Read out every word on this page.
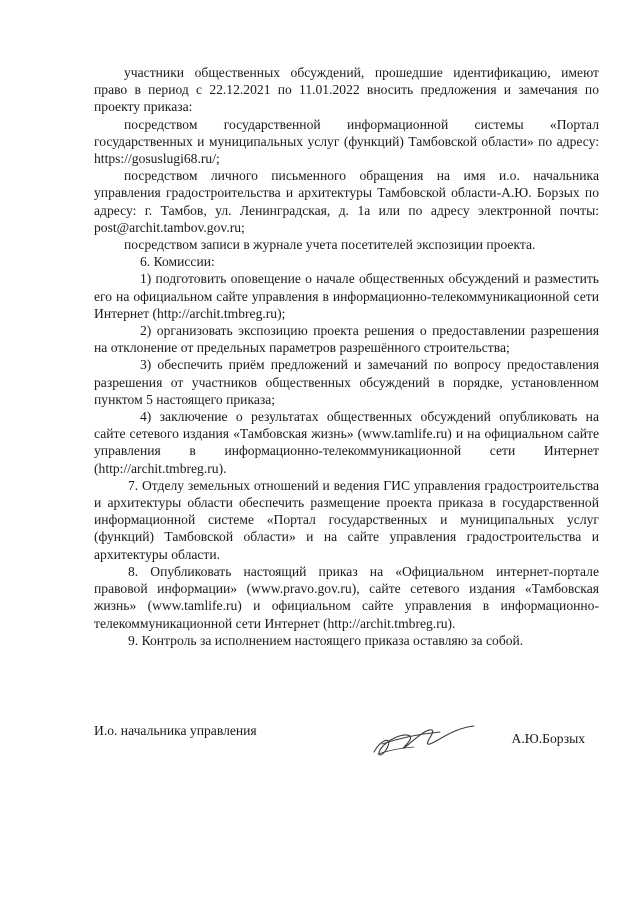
участники общественных обсуждений, прошедшие идентификацию, имеют право в период с 22.12.2021 по 11.01.2022 вносить предложения и замечания по проекту приказа:

посредством государственной информационной системы «Портал государственных и муниципальных услуг (функций) Тамбовской области» по адресу: https://gosuslugi68.ru/;

посредством личного письменного обращения на имя и.о. начальника управления градостроительства и архитектуры Тамбовской области-А.Ю. Борзых по адресу: г. Тамбов, ул. Ленинградская, д. 1а или по адресу электронной почты: post@archit.tambov.gov.ru;

посредством записи в журнале учета посетителей экспозиции проекта.

6. Комиссии:

1) подготовить оповещение о начале общественных обсуждений и разместить его на официальном сайте управления в информационно-телекоммуникационной сети Интернет (http://archit.tmbreg.ru);

2) организовать экспозицию проекта решения о предоставлении разрешения на отклонение от предельных параметров разрешённого строительства;

3) обеспечить приём предложений и замечаний по вопросу предоставления разрешения от участников общественных обсуждений в порядке, установленном пунктом 5 настоящего приказа;

4) заключение о результатах общественных обсуждений опубликовать на сайте сетевого издания «Тамбовская жизнь» (www.tamlife.ru) и на официальном сайте управления в информационно-телекоммуникационной сети Интернет (http://archit.tmbreg.ru).

7. Отделу земельных отношений и ведения ГИС управления градостроительства и архитектуры области обеспечить размещение проекта приказа в государственной информационной системе «Портал государственных и муниципальных услуг (функций) Тамбовской области» и на сайте управления градостроительства и архитектуры области.

8. Опубликовать настоящий приказ на «Официальном интернет-портале правовой информации» (www.pravo.gov.ru), сайте сетевого издания «Тамбовская жизнь» (www.tamlife.ru) и официальном сайте управления в информационно-телекоммуникационной сети Интернет (http://archit.tmbreg.ru).

9. Контроль за исполнением настоящего приказа оставляю за собой.

И.о. начальника управления
А.Ю.Борзых
